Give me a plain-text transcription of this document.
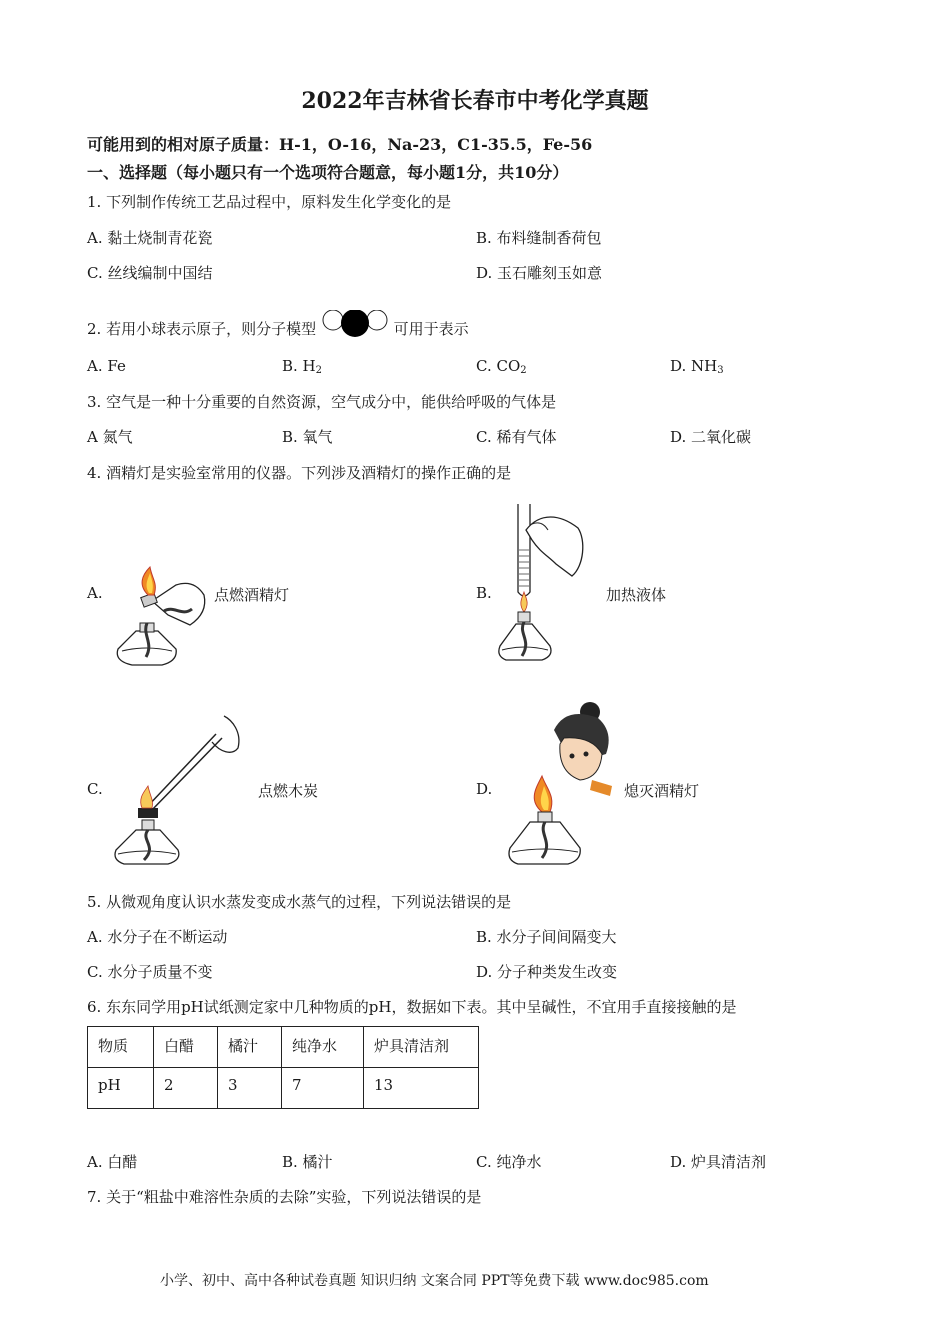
2022年吉林省长春市中考化学真题
可能用到的相对原子质量：H-1，O-16，Na-23，C1-35.5，Fe-56
一、选择题（每小题只有一个选项符合题意，每小题1分，共10分）
1. 下列制作传统工艺品过程中，原料发生化学变化的是
A. 黏土烧制青花瓷	B. 布料缝制香荷包
C. 丝线编制中国结	D. 玉石雕刻玉如意
2. 若用小球表示原子，则分子模型	可用于表示
A. Fe	B. $H_2$	C. $CO_2$	D. $NH_3$
3. 空气是一种十分重要的自然资源，空气成分中，能供给呼吸的气体是
A 氮气	B. 氧气	C. 稀有气体	D. 二氧化碳
4. 酒精灯是实验室常用的仪器。下列涉及酒精灯的操作正确的是
A.	点燃酒精灯	B.	加热液体
C.	点燃木炭	D.	熄灭酒精灯
5. 从微观角度认识水蒸发变成水蒸气的过程，下列说法错误的是
A. 水分子在不断运动	B. 水分子间间隔变大
C. 水分子质量不变	D. 分子种类发生改变
6. 东东同学用pH试纸测定家中几种物质的pH，数据如下表。其中呈碱性，不宜用手直接接触的是
物质	白醋	橘汁	纯净水	炉具清洁剂
pH	2	3	7	13
A. 白醋	B. 橘汁	C. 纯净水	D. 炉具清洁剂
7. 关于“粗盐中难溶性杂质的去除”实验，下列说法错误的是
小学、初中、高中各种试卷真题 知识归纳 文案合同 PPT等免费下载 www.doc985.com
